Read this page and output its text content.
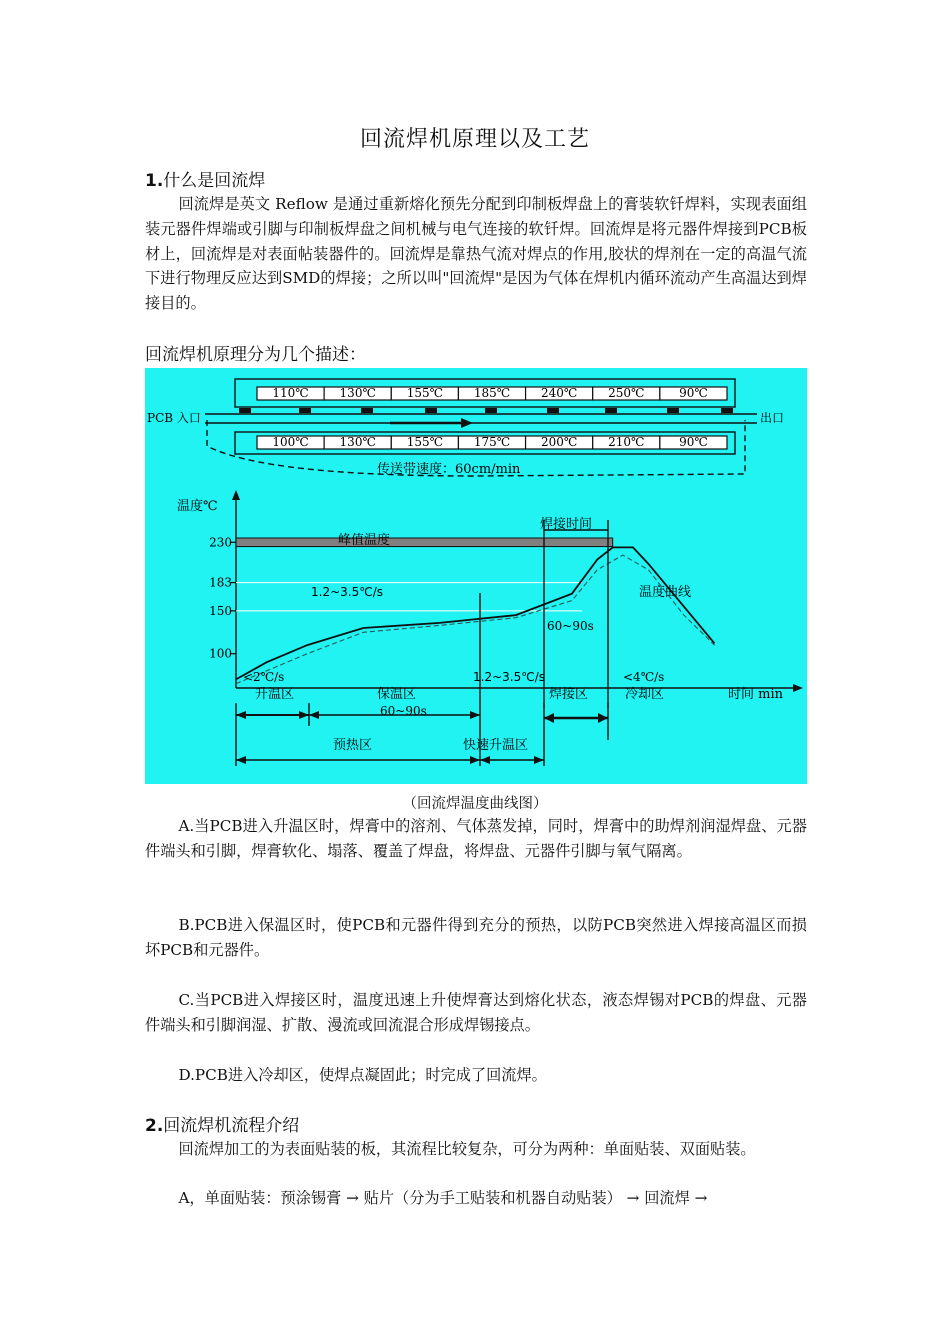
回流焊机原理以及工艺
1.什么是回流焊

回流焊是英文 Reflow 是通过重新熔化预先分配到印制板焊盘上的膏装软钎焊料，实现表面组装元器件焊端或引脚与印制板焊盘之间机械与电气连接的软钎焊。回流焊是将元器件焊接到PCB板材上，回流焊是对表面帖装器件的。回流焊是靠热气流对焊点的作用,胶状的焊剂在一定的高温气流下进行物理反应达到SMD的焊接；之所以叫"回流焊"是因为气体在焊机内循环流动产生高温达到焊接目的。

回流焊机原理分为几个描述：
110℃	130℃	155℃	185℃	240℃	250℃	90℃
100℃	130℃	155℃	175℃	200℃	210℃	90℃
PCB 入口	出口
传送带速度：60cm/min
100
150
183
230
温度℃
时间 min
峰值温度
焊接时间
1.2~3.5℃/s
60~90s
温度曲线
<2℃/s	1.2~3.5℃/s	<4℃/s
升温区	保温区
60~90s
焊接区	冷却区
预热区	快速升温区
（回流焊温度曲线图）

A.当PCB进入升温区时，焊膏中的溶剂、气体蒸发掉，同时，焊膏中的助焊剂润湿焊盘、元器件端头和引脚，焊膏软化、塌落、覆盖了焊盘，将焊盘、元器件引脚与氧气隔离。

B.PCB进入保温区时，使PCB和元器件得到充分的预热，以防PCB突然进入焊接高温区而损坏PCB和元器件。

C.当PCB进入焊接区时，温度迅速上升使焊膏达到熔化状态，液态焊锡对PCB的焊盘、元器件端头和引脚润湿、扩散、漫流或回流混合形成焊锡接点。

D.PCB进入冷却区，使焊点凝固此；时完成了回流焊。

2.回流焊机流程介绍

回流焊加工的为表面贴装的板，其流程比较复杂，可分为两种：单面贴装、双面贴装。

A，单面贴装：预涂锡膏 → 贴片（分为手工贴装和机器自动贴装） → 回流焊 →
